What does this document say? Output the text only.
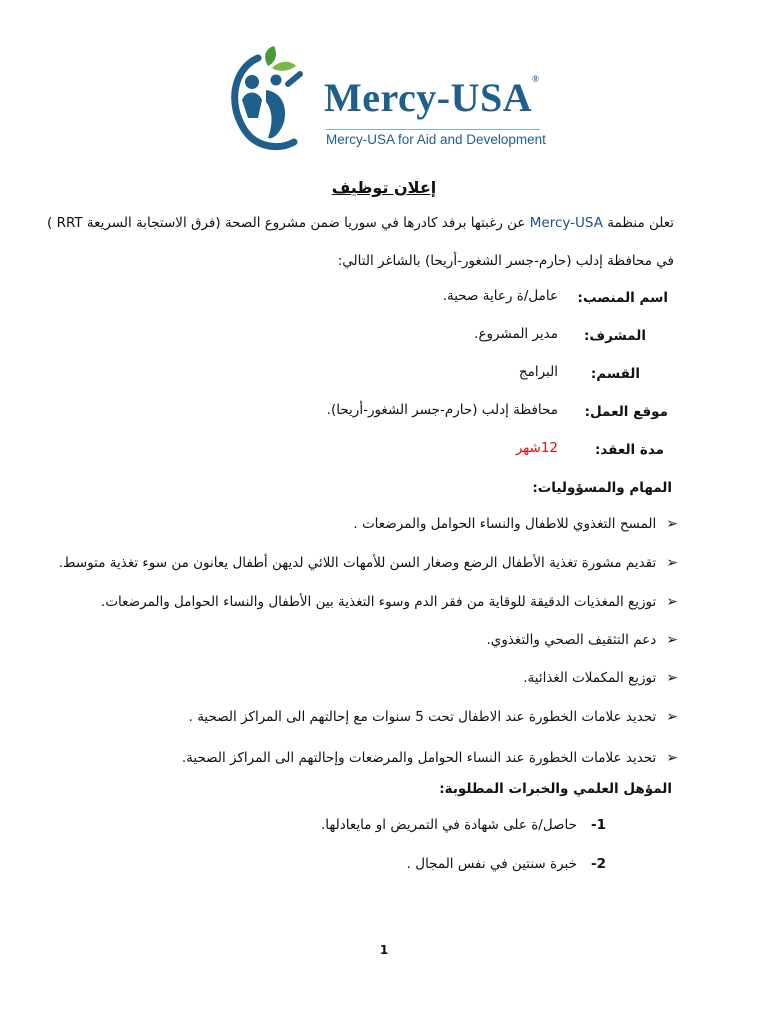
Mercy-USA®
Mercy-USA for Aid and Development
إعلان توظيف
تعلن منظمة Mercy-USA عن رغبتها برفد كادرها في سوريا ضمن مشروع الصحة (فرق الاستجابة السريعة RRT )
في محافظة إدلب (حارم-جسر الشغور-أريحا) بالشاغر التالي:
اسم المنصب:
عامل/ة رعاية صحية.
المشرف:
مدير المشروع.
القسم:
البرامج
موقع العمل:
محافظة إدلب (حارم-جسر الشغور-أريحا).
مدة العقد:
12شهر
المهام والمسؤوليات:
➢المسح التغذوي للاطفال والنساء الحوامل والمرضعات .
➢تقديم مشورة تغذية الأطفال الرضع وصغار السن للأمهات اللائي لديهن أطفال يعانون من سوء تغذية متوسط.
➢توزيع المغذيات الدقيقة للوقاية من فقر الدم وسوء التغذية بين الأطفال والنساء الحوامل والمرضعات.
➢دعم التثقيف الصحي والتغذوي.
➢توزيع المكملات الغذائية.
➢تحديد علامات الخطورة عند الاطفال تحت 5 سنوات مع إحالتهم الى المراكز الصحية .
➢تحديد علامات الخطورة عند النساء الحوامل والمرضعات وإحالتهم الى المراكز الصحية.
المؤهل العلمي والخبرات المطلوبة:
1-حاصل/ة على شهادة في التمريض او مايعادلها.
2-خبرة سنتين في نفس المجال .
1
